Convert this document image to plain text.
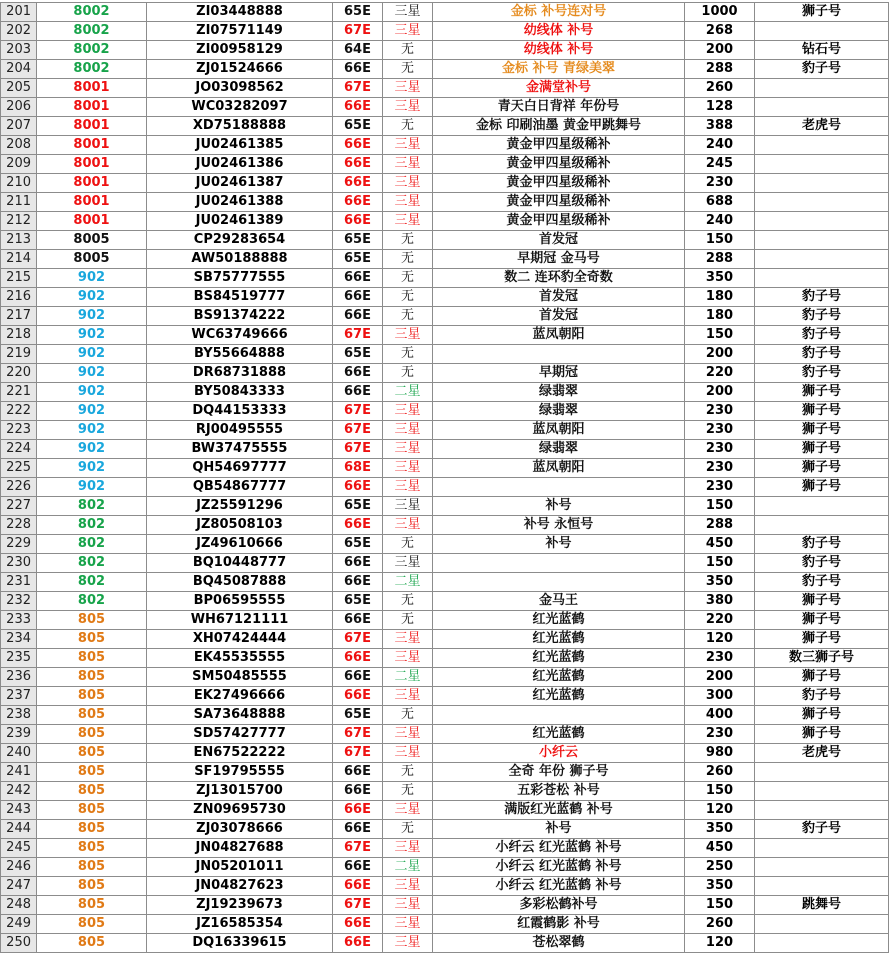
201	8002	ZI03448888	65E	三星	金标 补号连对号	1000	狮子号
202	8002	ZI07571149	67E	三星	幼线体 补号	268	
203	8002	ZI00958129	64E	无	幼线体 补号	200	钻石号
204	8002	ZJ01524666	66E	无	金标 补号 青绿美翠	288	豹子号
205	8001	JO03098562	67E	三星	金满堂补号	260	
206	8001	WC03282097	66E	三星	青天白日背祥 年份号	128	
207	8001	XD75188888	65E	无	金标 印刷油墨 黄金甲跳舞号	388	老虎号
208	8001	JU02461385	66E	三星	黄金甲四星级稀补	240	
209	8001	JU02461386	66E	三星	黄金甲四星级稀补	245	
210	8001	JU02461387	66E	三星	黄金甲四星级稀补	230	
211	8001	JU02461388	66E	三星	黄金甲四星级稀补	688	
212	8001	JU02461389	66E	三星	黄金甲四星级稀补	240	
213	8005	CP29283654	65E	无	首发冠	150	
214	8005	AW50188888	65E	无	早期冠 金马号	288	
215	902	SB75777555	66E	无	数二 连环豹全奇数	350	
216	902	BS84519777	66E	无	首发冠	180	豹子号
217	902	BS91374222	66E	无	首发冠	180	豹子号
218	902	WC63749666	67E	三星	蓝凤朝阳	150	豹子号
219	902	BY55664888	65E	无		200	豹子号
220	902	DR68731888	66E	无	早期冠	220	豹子号
221	902	BY50843333	66E	二星	绿翡翠	200	狮子号
222	902	DQ44153333	67E	三星	绿翡翠	230	狮子号
223	902	RJ00495555	67E	三星	蓝凤朝阳	230	狮子号
224	902	BW37475555	67E	三星	绿翡翠	230	狮子号
225	902	QH54697777	68E	三星	蓝凤朝阳	230	狮子号
226	902	QB54867777	66E	三星		230	狮子号
227	802	JZ25591296	65E	三星	补号	150	
228	802	JZ80508103	66E	三星	补号 永恒号	288	
229	802	JZ49610666	65E	无	补号	450	豹子号
230	802	BQ10448777	66E	三星		150	豹子号
231	802	BQ45087888	66E	二星		350	豹子号
232	802	BP06595555	65E	无	金马王	380	狮子号
233	805	WH67121111	66E	无	红光蓝鹤	220	狮子号
234	805	XH07424444	67E	三星	红光蓝鹤	120	狮子号
235	805	EK45535555	66E	三星	红光蓝鹤	230	数三狮子号
236	805	SM50485555	66E	二星	红光蓝鹤	200	狮子号
237	805	EK27496666	66E	三星	红光蓝鹤	300	豹子号
238	805	SA73648888	65E	无		400	狮子号
239	805	SD57427777	67E	三星	红光蓝鹤	230	狮子号
240	805	EN67522222	67E	三星	小纤云	980	老虎号
241	805	SF19795555	66E	无	全奇 年份 狮子号	260	
242	805	ZJ13015700	66E	无	五彩苍松 补号	150	
243	805	ZN09695730	66E	三星	满版红光蓝鹤 补号	120	
244	805	ZJ03078666	66E	无	补号	350	豹子号
245	805	JN04827688	67E	三星	小纤云 红光蓝鹤 补号	450	
246	805	JN05201011	66E	二星	小纤云 红光蓝鹤 补号	250	
247	805	JN04827623	66E	三星	小纤云 红光蓝鹤 补号	350	
248	805	ZJ19239673	67E	三星	多彩松鹤补号	150	跳舞号
249	805	JZ16585354	66E	三星	红霞鹤影 补号	260	
250	805	DQ16339615	66E	三星	苍松翠鹤	120	
